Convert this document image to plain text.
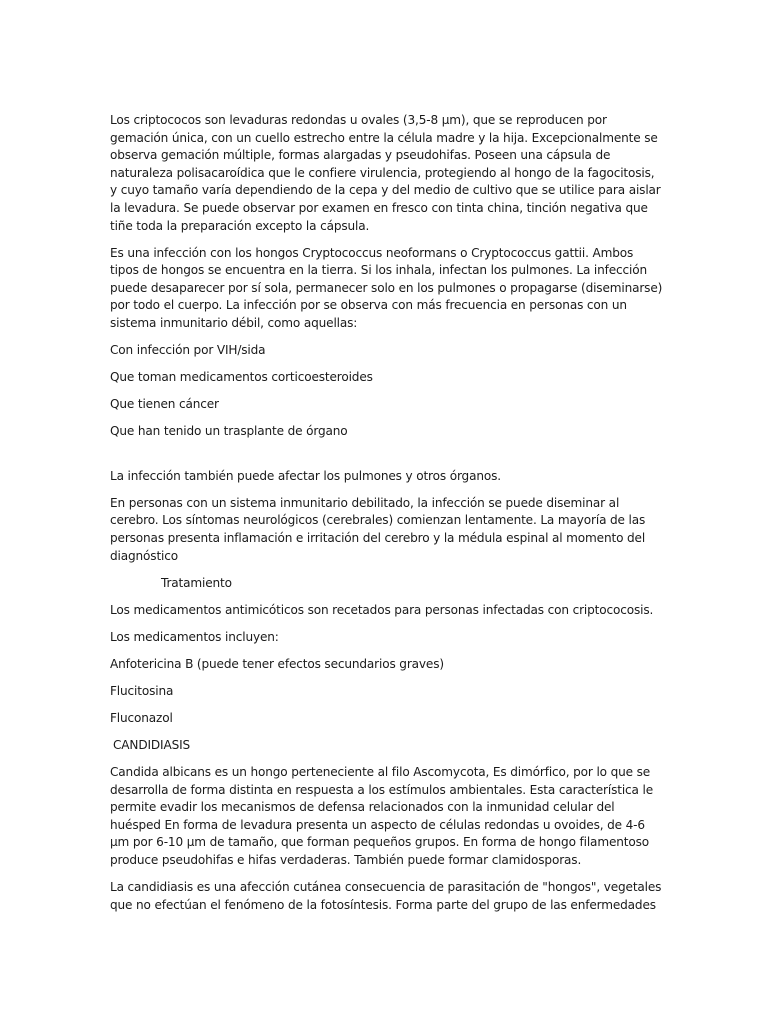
Los criptococos son levaduras redondas u ovales (3,5-8 µm), que se reproducen por gemación única, con un cuello estrecho entre la célula madre y la hija. Excepcionalmente se observa gemación múltiple, formas alargadas y pseudohifas. Poseen una cápsula de naturaleza polisacaroídica que le confiere virulencia, protegiendo al hongo de la fagocitosis, y cuyo tamaño varía dependiendo de la cepa y del medio de cultivo que se utilice para aislar la levadura. Se puede observar por examen en fresco con tinta china, tinción negativa que tiñe toda la preparación excepto la cápsula.

Es una infección con los hongos Cryptococcus neoformans o Cryptococcus gattii. Ambos tipos de hongos se encuentra en la tierra. Si los inhala, infectan los pulmones. La infección puede desaparecer por sí sola, permanecer solo en los pulmones o propagarse (diseminarse) por todo el cuerpo. La infección por se observa con más frecuencia en personas con un sistema inmunitario débil, como aquellas:

Con infección por VIH/sida

Que toman medicamentos corticoesteroides

Que tienen cáncer

Que han tenido un trasplante de órgano

La infección también puede afectar los pulmones y otros órganos.

En personas con un sistema inmunitario debilitado, la infección se puede diseminar al cerebro. Los síntomas neurológicos (cerebrales) comienzan lentamente. La mayoría de las personas presenta inflamación e irritación del cerebro y la médula espinal al momento del diagnóstico

Tratamiento

Los medicamentos antimicóticos son recetados para personas infectadas con criptococosis.

Los medicamentos incluyen:

Anfotericina B (puede tener efectos secundarios graves)

Flucitosina

Fluconazol

CANDIDIASIS

Candida albicans es un hongo perteneciente al filo Ascomycota, Es dimórfico, por lo que se desarrolla de forma distinta en respuesta a los estímulos ambientales. Esta característica le permite evadir los mecanismos de defensa relacionados con la inmunidad celular del huésped En forma de levadura presenta un aspecto de células redondas u ovoides, de 4-6 µm por 6-10 µm de tamaño, que forman pequeños grupos. En forma de hongo filamentoso produce pseudohifas e hifas verdaderas. También puede formar clamidosporas.

La candidiasis es una afección cutánea consecuencia de parasitación de "hongos", vegetales que no efectúan el fenómeno de la fotosíntesis. Forma parte del grupo de las enfermedades
